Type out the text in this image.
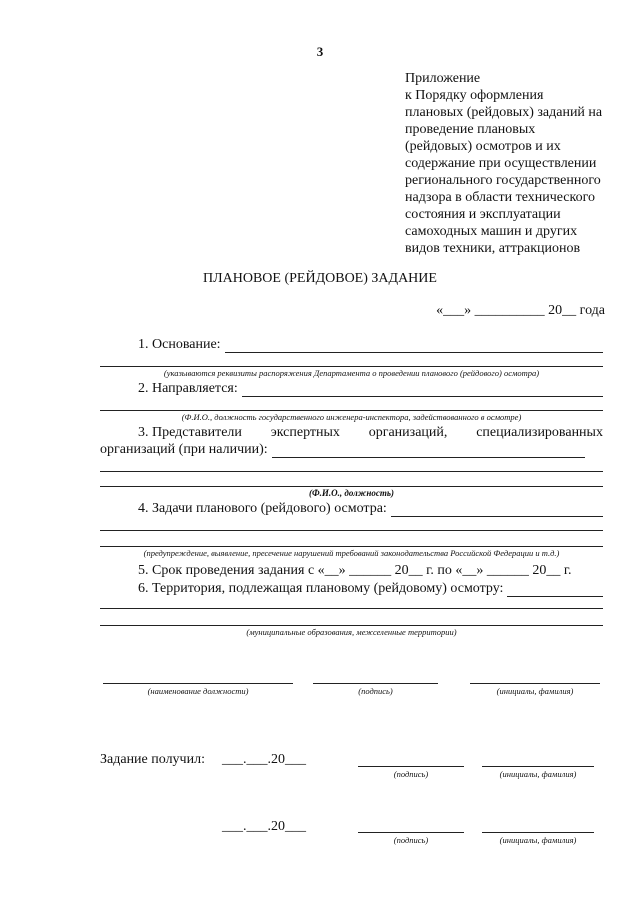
3
Приложение
к Порядку оформления
плановых (рейдовых) заданий на
проведение плановых
(рейдовых) осмотров и их
содержание при осуществлении
регионального государственного
надзора в области технического
состояния и эксплуатации
самоходных машин и других
видов техники, аттракционов
ПЛАНОВОЕ (РЕЙДОВОЕ) ЗАДАНИЕ
«___» __________ 20__ года
1. Основание:
(указываются реквизиты распоряжения Департамента о проведении планового (рейдового) осмотра)
2. Направляется:
(Ф.И.О., должность государственного инженера-инспектора, задействованного в осмотре)
3. Представители экспертных организаций, специализированных
организаций (при наличии):
(Ф.И.О., должность)
4. Задачи планового (рейдового) осмотра:
(предупреждение, выявление, пресечение нарушений требований законодательства Российской Федерации и т.д.)
5. Срок проведения задания с «__» ______ 20__ г. по «__» ______ 20__ г.
6. Территория, подлежащая плановому (рейдовому) осмотру:
(муниципальные образования, межселенные территории)
(наименование должности)	(подпись)	(инициалы, фамилия)
Задание получил: ___.___.20___
(подпись)	(инициалы, фамилия)
___.___.20___
(подпись)	(инициалы, фамилия)
